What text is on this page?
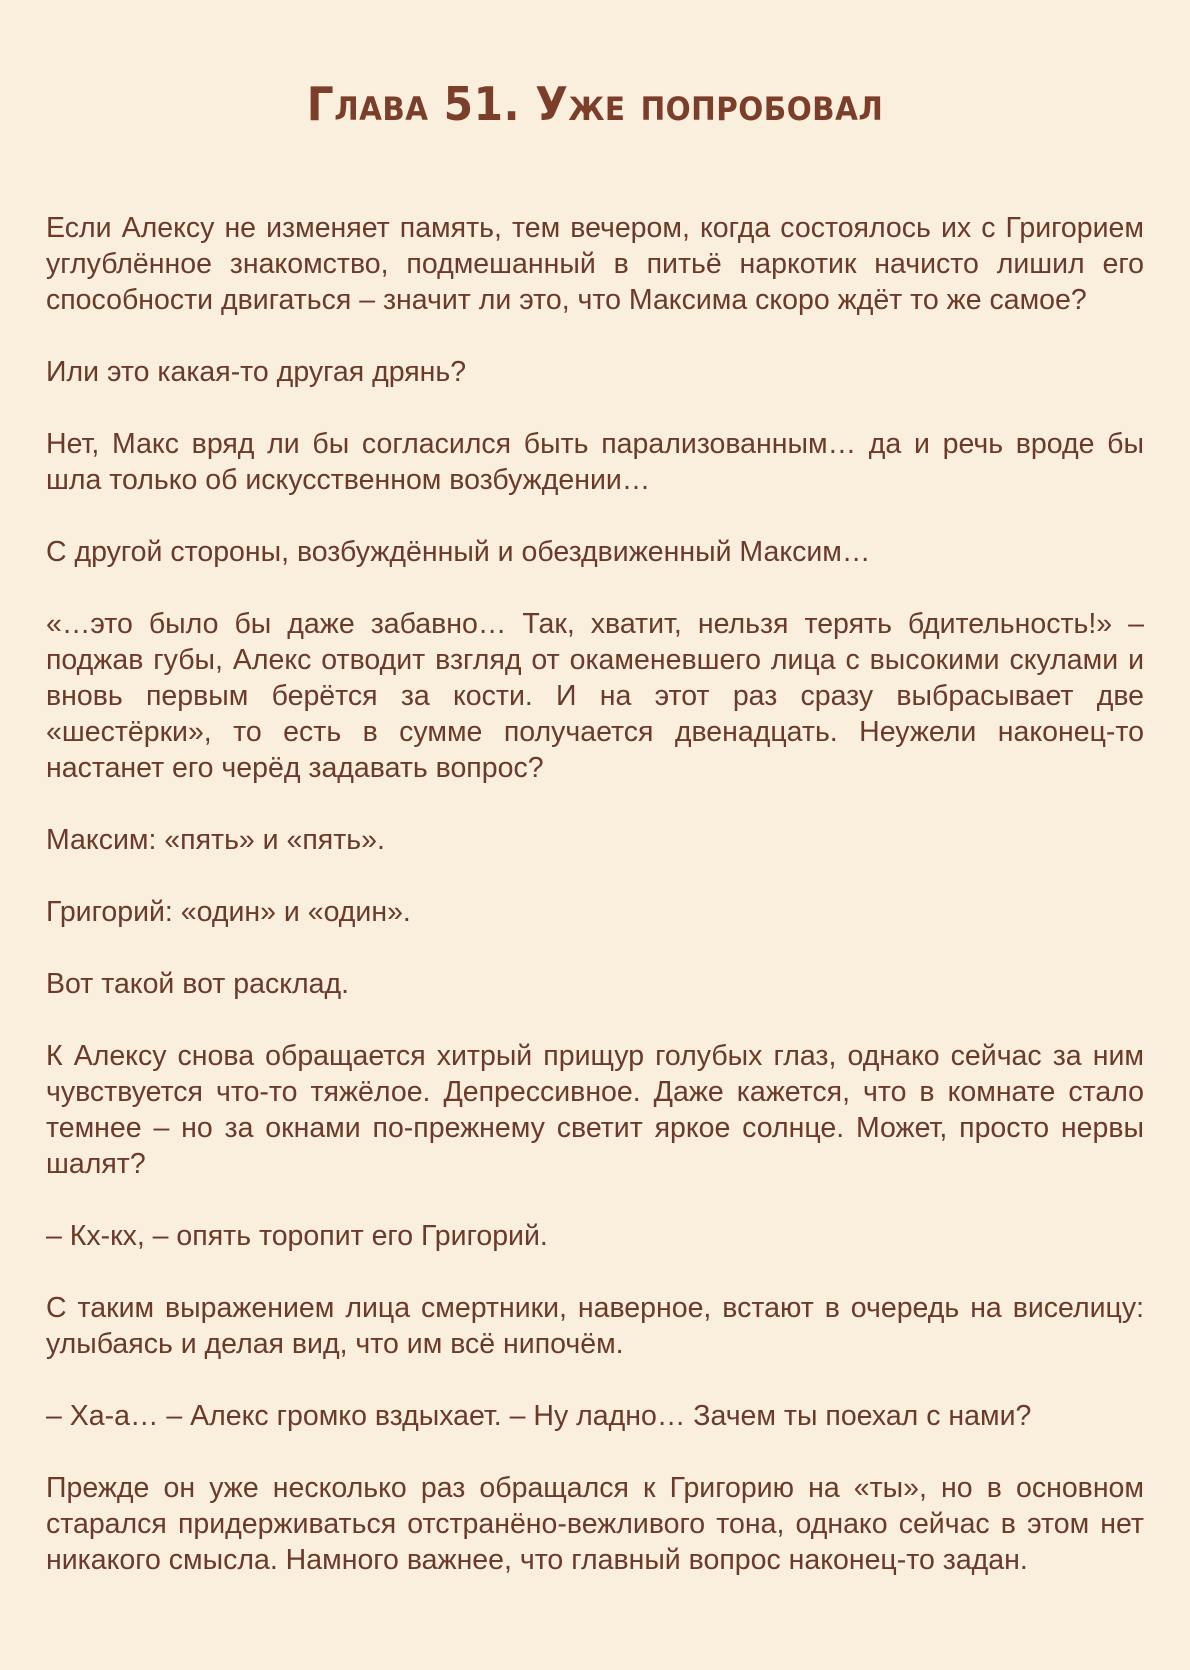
Глава 51. Уже попробовал

Если Алексу не изменяет память, тем вечером, когда состоялось их с Григорием углублённое знакомство, подмешанный в питьё наркотик начисто лишил его способности двигаться – значит ли это, что Максима скоро ждёт то же самое?

Или это какая-то другая дрянь?

Нет, Макс вряд ли бы согласился быть парализованным… да и речь вроде бы шла только об искусственном возбуждении…

С другой стороны, возбуждённый и обездвиженный Максим…

«…это было бы даже забавно… Так, хватит, нельзя терять бдительность!» – поджав губы, Алекс отводит взгляд от окаменевшего лица с высокими скулами и вновь первым берётся за кости. И на этот раз сразу выбрасывает две «шестёрки», то есть в сумме получается двенадцать. Неужели наконец-то настанет его черёд задавать вопрос?

Максим: «пять» и «пять».

Григорий: «один» и «один».

Вот такой вот расклад.

К Алексу снова обращается хитрый прищур голубых глаз, однако сейчас за ним чувствуется что-то тяжёлое. Депрессивное. Даже кажется, что в комнате стало темнее – но за окнами по-прежнему светит яркое солнце. Может, просто нервы шалят?

– Кх-кх, – опять торопит его Григорий.

С таким выражением лица смертники, наверное, встают в очередь на виселицу: улыбаясь и делая вид, что им всё нипочём.

– Ха-а… – Алекс громко вздыхает. – Ну ладно… Зачем ты поехал с нами?

Прежде он уже несколько раз обращался к Григорию на «ты», но в основном старался придерживаться отстранёно-вежливого тона, однако сейчас в этом нет никакого смысла. Намного важнее, что главный вопрос наконец-то задан.
